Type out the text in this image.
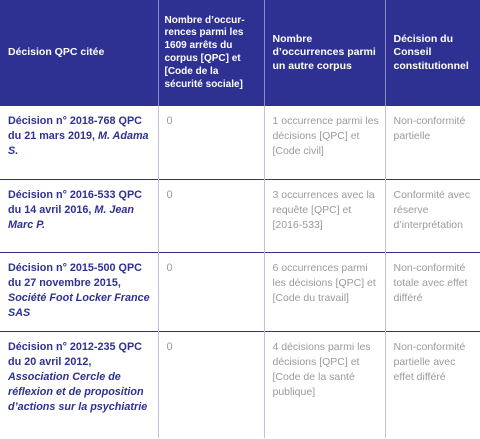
Décision QPC citée	Nombre d’occurrences parmi les 1609 arrêts du corpus [QPC] et [Code de la sécurité sociale]	Nombre d’occurrences parmi un autre corpus	Décision du Conseil constitutionnel
Décision n° 2018-768 QPC du 21 mars 2019, M. Adama S.	0	1 occurrence parmi les décisions [QPC] et [Code civil]	Non-conformité partielle
Décision n° 2016-533 QPC du 14 avril 2016, M. Jean Marc P.	0	3 occurrences avec la requête [QPC] et [2016-533]	Conformité avec réserve d’interprétation
Décision n° 2015-500 QPC du 27 novembre 2015, Société Foot Locker France SAS	0	6 occurrences parmi les décisions [QPC] et [Code du travail]	Non-conformité totale avec effet différé
Décision n° 2012-235 QPC du 20 avril 2012, Association Cercle de réflexion et de proposition d’actions sur la psychiatrie	0	4 décisions parmi les décisions [QPC] et [Code de la santé publique]	Non-conformité partielle avec effet différé
